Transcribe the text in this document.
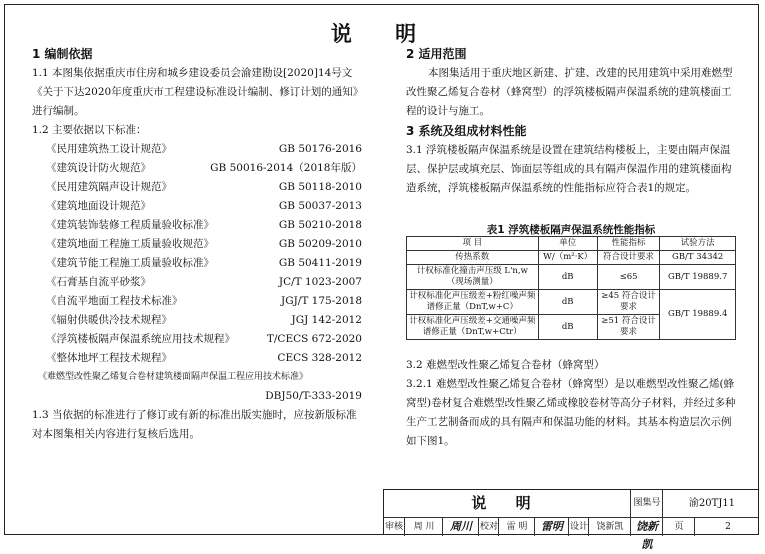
说 明
1 编制依据

1.1 本图集依据重庆市住房和城乡建设委员会渝建勘设[2020]14号文《关于下达2020年度重庆市工程建设标准设计编制、修订计划的通知》进行编制。

1.2 主要依据以下标准：

《民用建筑热工设计规范》	GB 50176-2016
《建筑设计防火规范》	GB 50016-2014（2018年版）
《民用建筑隔声设计规范》	GB 50118-2010
《建筑地面设计规范》	GB 50037-2013
《建筑装饰装修工程质量验收标准》	GB 50210-2018
《建筑地面工程施工质量验收规范》	GB 50209-2010
《建筑节能工程施工质量验收标准》	GB 50411-2019
《石膏基自流平砂浆》	JC/T 1023-2007
《自流平地面工程技术标准》	JGJ/T 175-2018
《辐射供暖供冷技术规程》	JGJ 142-2012
《浮筑楼板隔声保温系统应用技术规程》	T/CECS 672-2020
《整体地坪工程技术规程》	CECS 328-2012
《难燃型改性聚乙烯复合卷材建筑楼面隔声保温工程应用技术标准》
DBJ50/T-333-2019

1.3 当依据的标准进行了修订或有新的标准出版实施时，应按新版标准对本图集相关内容进行复核后选用。

2 适用范围

本图集适用于重庆地区新建、扩建、改建的民用建筑中采用难燃型改性聚乙烯复合卷材（蜂窝型）的浮筑楼板隔声保温系统的建筑楼面工程的设计与施工。

3 系统及组成材料性能

3.1 浮筑楼板隔声保温系统是设置在建筑结构楼板上，主要由隔声保温层、保护层或填充层、饰面层等组成的具有隔声保温作用的建筑楼面构造系统，浮筑楼板隔声保温系统的性能指标应符合表1的规定。

表1 浮筑楼板隔声保温系统性能指标
项 目	单位	性能指标	试验方法
传热系数	W/（m²·K）	符合设计要求	GB/T 34342
计权标准化撞击声压级 L'n,w（现场测量）	dB	≤65	GB/T 19889.7
计权标准化声压级差+粉红噪声频谱修正量（DnT,w+C）	dB	≥45 符合设计要求	GB/T 19889.4
计权标准化声压级差+交通噪声频谱修正量（DnT,w+Ctr）	dB	≥51 符合设计要求	

3.2 难燃型改性聚乙烯复合卷材（蜂窝型）

3.2.1 难燃型改性聚乙烯复合卷材（蜂窝型）是以难燃型改性聚乙烯(蜂窝型)卷材复合难燃型改性聚乙烯或橡胶卷材等高分子材料，并经过多种生产工艺制备而成的具有隔声和保温功能的材料。其基本构造层次示例如下图1。

说 明	图集号	渝20TJ11
审核	周 川	周川 校对 雷 明	雷明 设计 饶新凯	饶新凯
页	2
